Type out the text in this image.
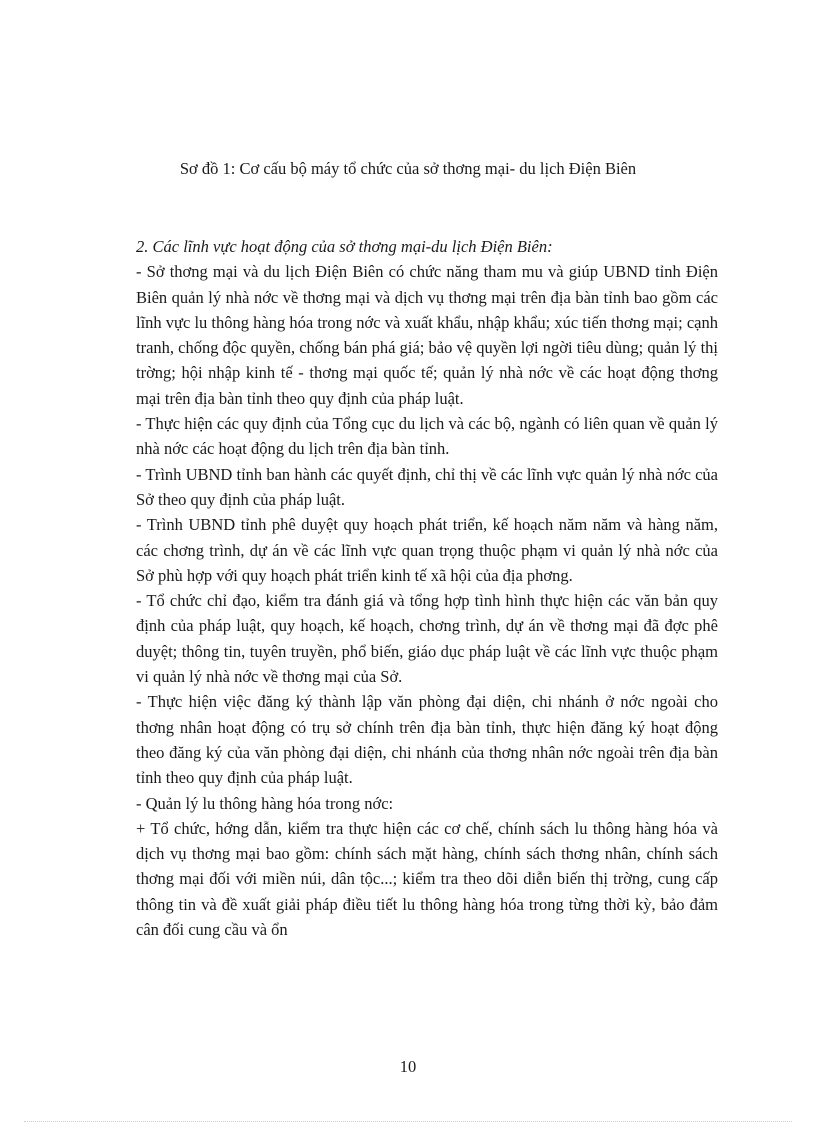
Sơ đồ 1: Cơ cấu bộ máy tổ chức của sở thơng mại- du lịch Điện Biên

2. Các lĩnh vực hoạt động của sở thơng mại-du lịch Điện Biên:

- Sở thơng mại và du lịch Điện Biên có chức năng tham mu và giúp UBND tỉnh Điện Biên quản lý nhà nớc về thơng mại và dịch vụ thơng mại trên địa bàn tỉnh bao gồm các lĩnh vực lu thông hàng hóa trong nớc và xuất khẩu, nhập khẩu; xúc tiến thơng mại; cạnh tranh, chống độc quyền, chống bán phá giá; bảo vệ quyền lợi ngời tiêu dùng; quản lý thị trờng; hội nhập kinh tế - thơng mại quốc tế; quản lý nhà nớc về các hoạt động thơng mại trên địa bàn tỉnh theo quy định của pháp luật.

- Thực hiện các quy định của Tổng cục du lịch và các bộ, ngành có liên quan về quản lý nhà nớc các hoạt động du lịch trên địa bàn tỉnh.

- Trình UBND tỉnh ban hành các quyết định, chỉ thị về các lĩnh vực quản lý nhà nớc của Sở theo quy định của pháp luật.

- Trình UBND tỉnh phê duyệt quy hoạch phát triển, kế hoạch năm năm và hàng năm, các chơng trình, dự án về các lĩnh vực quan trọng thuộc phạm vi quản lý nhà nớc của Sở phù hợp với quy hoạch phát triển kinh tế xã hội của địa phơng.

- Tổ chức chỉ đạo, kiểm tra đánh giá và tổng hợp tình hình thực hiện các văn bản quy định của pháp luật, quy hoạch, kế hoạch, chơng trình, dự án về thơng mại đã đợc phê duyệt; thông tin, tuyên truyền, phổ biến, giáo dục pháp luật về các lĩnh vực thuộc phạm vi quản lý nhà nớc về thơng mại của Sở.

- Thực hiện việc đăng ký thành lập văn phòng đại diện, chi nhánh ở nớc ngoài cho thơng nhân hoạt động có trụ sở chính trên địa bàn tỉnh, thực hiện đăng ký hoạt động theo đăng ký của văn phòng đại diện, chi nhánh của thơng nhân nớc ngoài trên địa bàn tỉnh theo quy định của pháp luật.

- Quản lý lu thông hàng hóa trong nớc:

+ Tổ chức, hớng dẫn, kiểm tra thực hiện các cơ chế, chính sách lu thông hàng hóa và dịch vụ thơng mại bao gồm: chính sách mặt hàng, chính sách thơng nhân, chính sách thơng mại đối với miền núi, dân tộc...; kiểm tra theo dõi diễn biến thị trờng, cung cấp thông tin và đề xuất giải pháp điều tiết lu thông hàng hóa trong từng thời kỳ, bảo đảm cân đối cung cầu và ổn

10
